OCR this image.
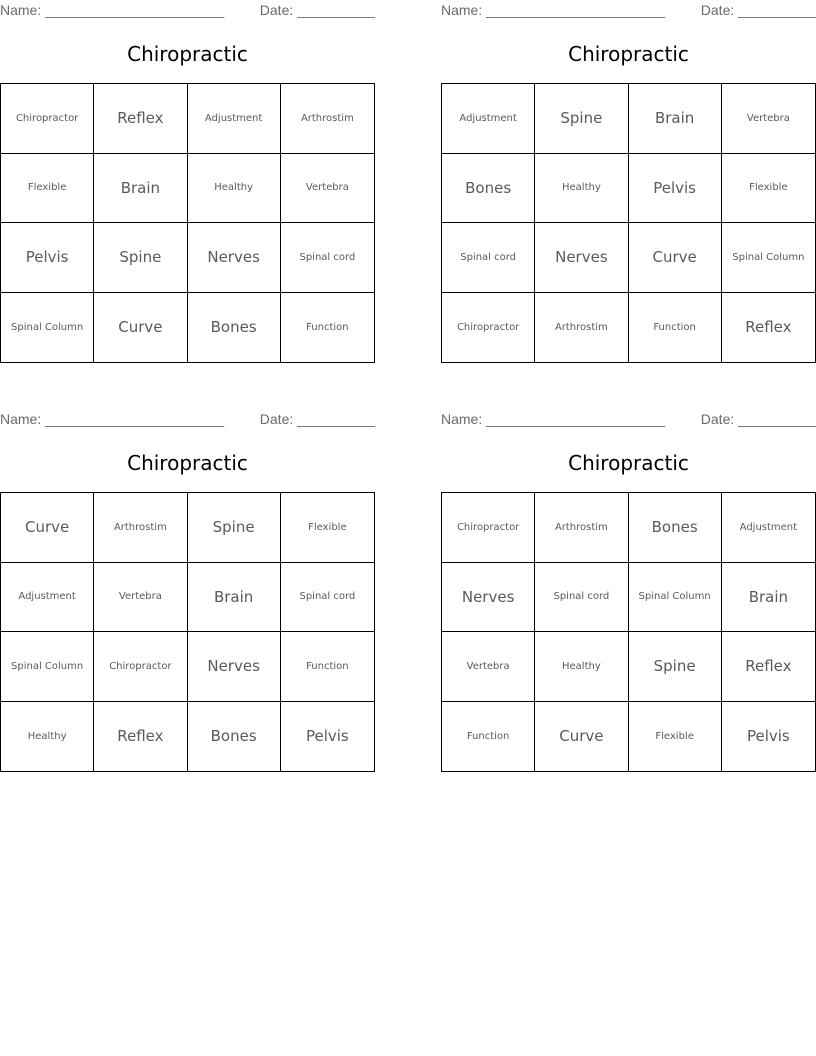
Name: _______________________	Date: __________
Chiropractic
Chiropractor	Reflex	Adjustment	Arthrostim
Flexible	Brain	Healthy	Vertebra
Pelvis	Spine	Nerves	Spinal cord
Spinal Column	Curve	Bones	Function
Name: _______________________	Date: __________
Chiropractic
Adjustment	Spine	Brain	Vertebra
Bones	Healthy	Pelvis	Flexible
Spinal cord	Nerves	Curve	Spinal Column
Chiropractor	Arthrostim	Function	Reflex
Name: _______________________	Date: __________
Chiropractic
Curve	Arthrostim	Spine	Flexible
Adjustment	Vertebra	Brain	Spinal cord
Spinal Column	Chiropractor	Nerves	Function
Healthy	Reflex	Bones	Pelvis
Name: _______________________	Date: __________
Chiropractic
Chiropractor	Arthrostim	Bones	Adjustment
Nerves	Spinal cord	Spinal Column	Brain
Vertebra	Healthy	Spine	Reflex
Function	Curve	Flexible	Pelvis
